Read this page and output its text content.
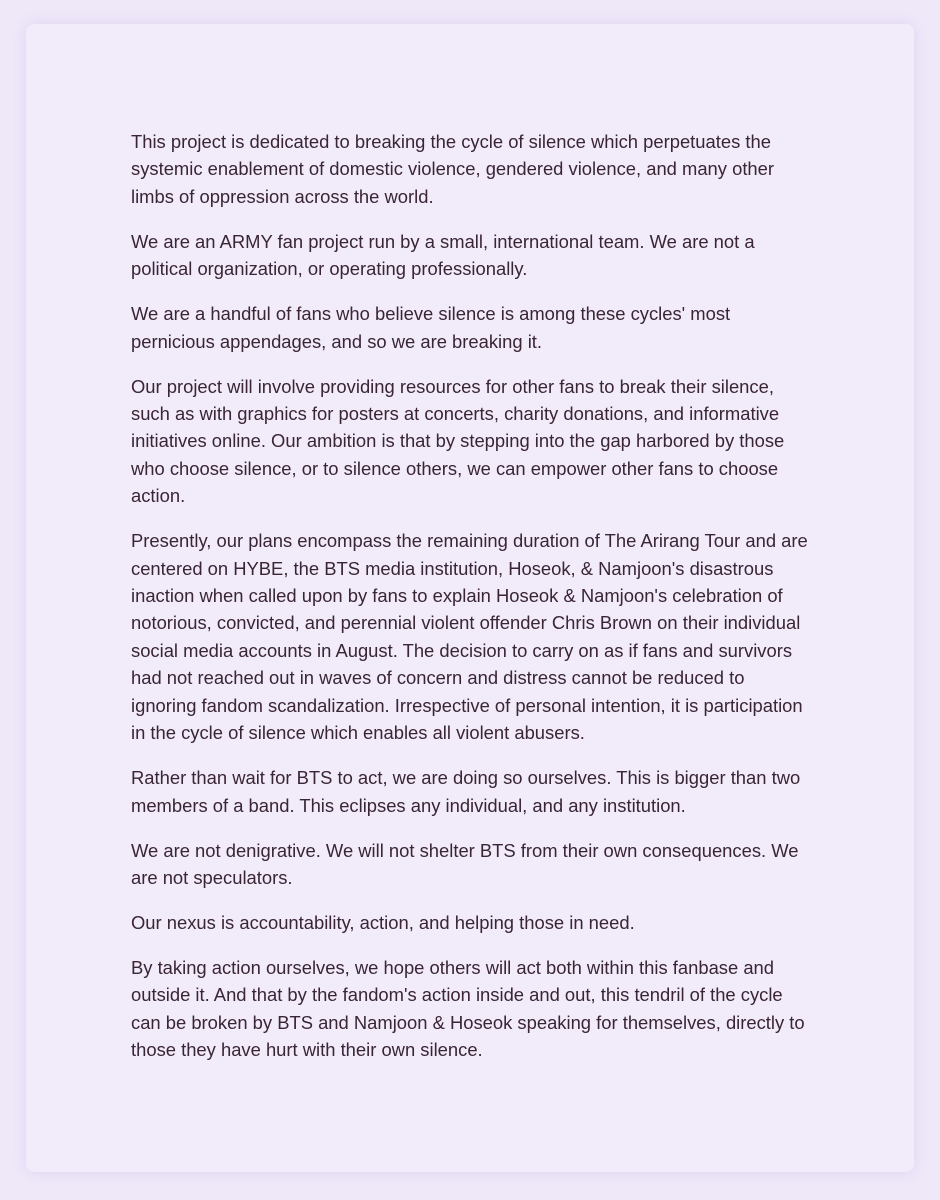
This project is dedicated to breaking the cycle of silence which perpetuates the systemic enablement of domestic violence, gendered violence, and many other limbs of oppression across the world.

We are an ARMY fan project run by a small, international team. We are not a political organization, or operating professionally.

We are a handful of fans who believe silence is among these cycles' most pernicious appendages, and so we are breaking it.

Our project will involve providing resources for other fans to break their silence, such as with graphics for posters at concerts, charity donations, and informative initiatives online. Our ambition is that by stepping into the gap harbored by those who choose silence, or to silence others, we can empower other fans to choose action.

Presently, our plans encompass the remaining duration of The Arirang Tour and are centered on HYBE, the BTS media institution, Hoseok, & Namjoon's disastrous inaction when called upon by fans to explain Hoseok & Namjoon's celebration of notorious, convicted, and perennial violent offender Chris Brown on their individual social media accounts in August. The decision to carry on as if fans and survivors had not reached out in waves of concern and distress cannot be reduced to ignoring fandom scandalization. Irrespective of personal intention, it is participation in the cycle of silence which enables all violent abusers.

Rather than wait for BTS to act, we are doing so ourselves. This is bigger than two members of a band. This eclipses any individual, and any institution.

We are not denigrative. We will not shelter BTS from their own consequences. We are not speculators.

Our nexus is accountability, action, and helping those in need.

By taking action ourselves, we hope others will act both within this fanbase and outside it. And that by the fandom's action inside and out, this tendril of the cycle can be broken by BTS and Namjoon & Hoseok speaking for themselves, directly to those they have hurt with their own silence.
